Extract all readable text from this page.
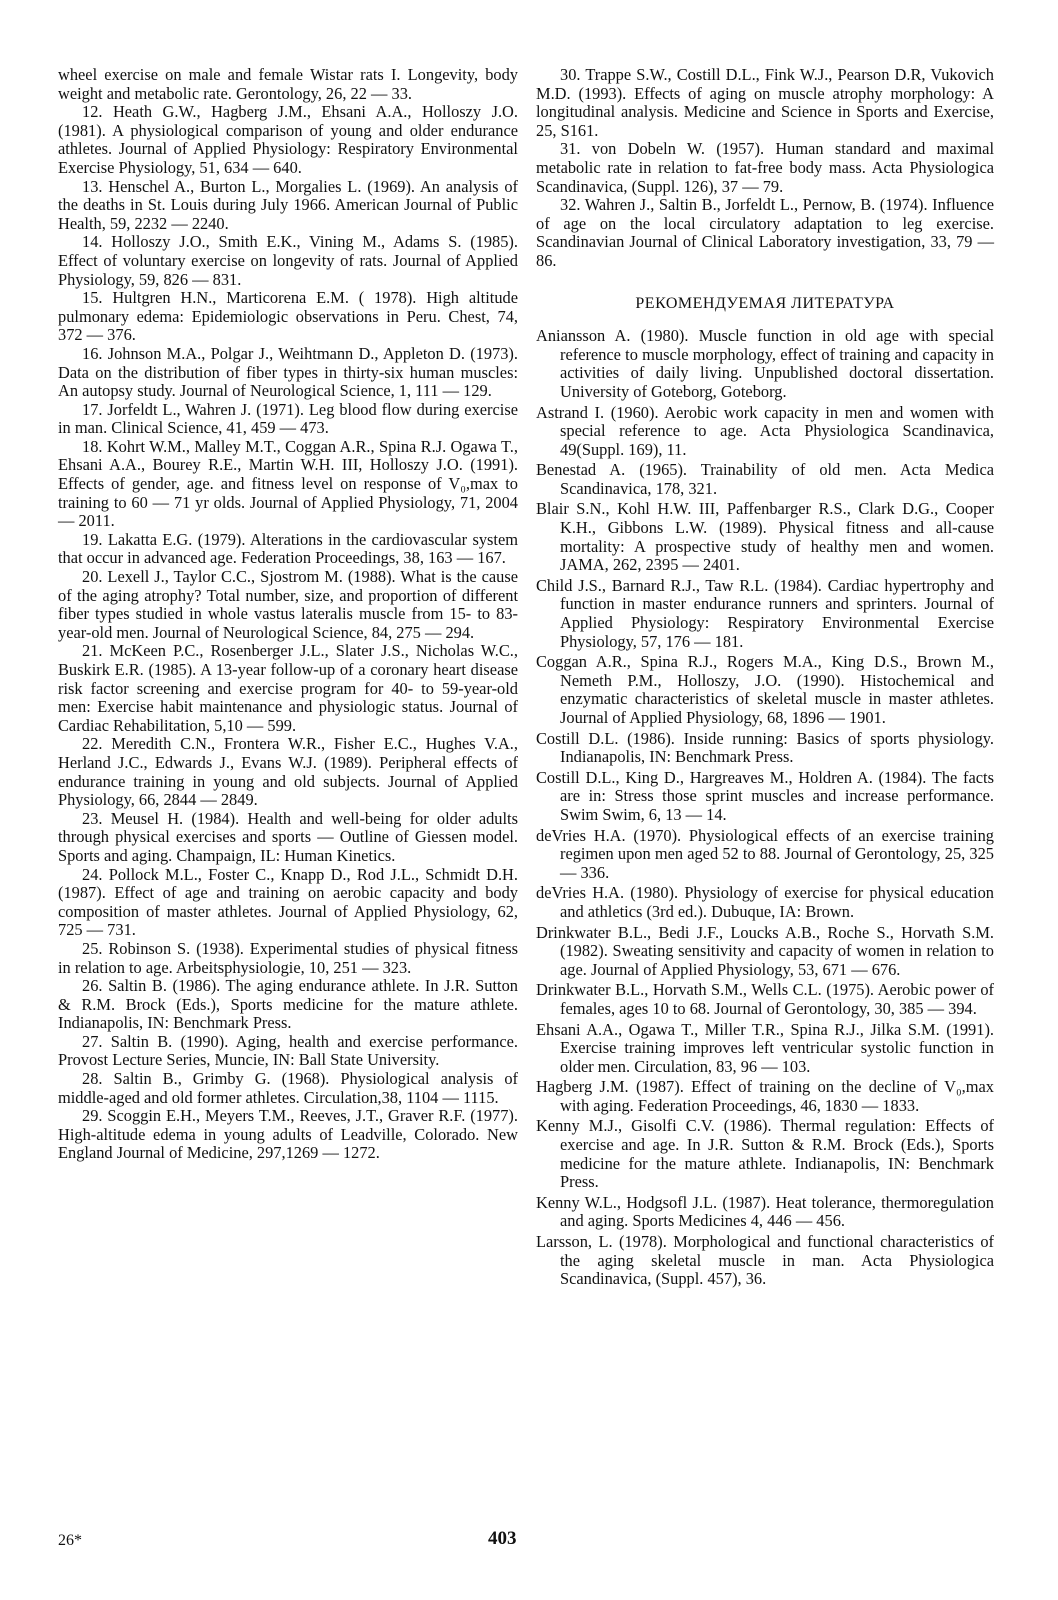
wheel exercise on male and female Wistar rats I. Longevity, body weight and metabolic rate. Gerontology, 26, 22 — 33.

12. Heath G.W., Hagberg J.M., Ehsani A.A., Holloszy J.O. (1981). A physiological comparison of young and older endurance athletes. Journal of Applied Physiology: Respiratory Environmental Exercise Physiology, 51, 634 — 640.

13. Henschel A., Burton L., Morgalies L. (1969). An analysis of the deaths in St. Louis during July 1966. American Journal of Public Health, 59, 2232 — 2240.

14. Holloszy J.O., Smith E.K., Vining M., Adams S. (1985). Effect of voluntary exercise on longevity of rats. Journal of Applied Physiology, 59, 826 — 831.

15. Hultgren H.N., Marticorena E.M. ( 1978). High altitude pulmonary edema: Epidemiologic observations in Peru. Chest, 74, 372 — 376.

16. Johnson M.A., Polgar J., Weihtmann D., Appleton D. (1973). Data on the distribution of fiber types in thirty-six human muscles: An autopsy study. Journal of Neurological Science, 1, 111 — 129.

17. Jorfeldt L., Wahren J. (1971). Leg blood flow during exercise in man. Clinical Science, 41, 459 — 473.

18. Kohrt W.M., Malley M.T., Coggan A.R., Spina R.J. Ogawa T., Ehsani A.A., Bourey R.E., Martin W.H. III, Holloszy J.O. (1991). Effects of gender, age. and fitness level on response of V₀,max to training to 60 — 71 yr olds. Journal of Applied Physiology, 71, 2004 — 2011.

19. Lakatta E.G. (1979). Alterations in the cardiovascular system that occur in advanced age. Federation Proceedings, 38, 163 — 167.

20. Lexell J., Taylor C.C., Sjostrom M. (1988). What is the cause of the aging atrophy? Total number, size, and proportion of different fiber types studied in whole vastus lateralis muscle from 15- to 83-year-old men. Journal of Neurological Science, 84, 275 — 294.

21. McKeen P.C., Rosenberger J.L., Slater J.S., Nicholas W.C., Buskirk E.R. (1985). A 13-year follow-up of a coronary heart disease risk factor screening and exercise program for 40- to 59-year-old men: Exercise habit maintenance and physiologic status. Journal of Cardiac Rehabilitation, 5,10 — 599.

22. Meredith C.N., Frontera W.R., Fisher E.C., Hughes V.A., Herland J.C., Edwards J., Evans W.J. (1989). Peripheral effects of endurance training in young and old subjects. Journal of Applied Physiology, 66, 2844 — 2849.

23. Meusel H. (1984). Health and well-being for older adults through physical exercises and sports — Outline of Giessen model. Sports and aging. Champaign, IL: Human Kinetics.

24. Pollock M.L., Foster C., Knapp D., Rod J.L., Schmidt D.H. (1987). Effect of age and training on aerobic capacity and body composition of master athletes. Journal of Applied Physiology, 62, 725 — 731.

25. Robinson S. (1938). Experimental studies of physical fitness in relation to age. Arbeitsphysiologie, 10, 251 — 323.

26. Saltin B. (1986). The aging endurance athlete. In J.R. Sutton & R.M. Brock (Eds.), Sports medicine for the mature athlete. Indianapolis, IN: Benchmark Press.

27. Saltin B. (1990). Aging, health and exercise performance. Provost Lecture Series, Muncie, IN: Ball State University.

28. Saltin B., Grimby G. (1968). Physiological analysis of middle-aged and old former athletes. Circulation,38, 1104 — 1115.

29. Scoggin E.H., Meyers T.M., Reeves, J.T., Graver R.F. (1977). High-altitude edema in young adults of Leadville, Colorado. New England Journal of Medicine, 297,1269 — 1272.

30. Trappe S.W., Costill D.L., Fink W.J., Pearson D.R, Vukovich M.D. (1993). Effects of aging on muscle atrophy morphology: A longitudinal analysis. Medicine and Science in Sports and Exercise, 25, S161.

31. von Dobeln W. (1957). Human standard and maximal metabolic rate in relation to fat-free body mass. Acta Physiologica Scandinavica, (Suppl. 126), 37 — 79.

32. Wahren J., Saltin B., Jorfeldt L., Pernow, B. (1974). Influence of age on the local circulatory adaptation to leg exercise. Scandinavian Journal of Clinical Laboratory investigation, 33, 79 — 86.

РЕКОМЕНДУЕМАЯ ЛИТЕРАТУРА

Aniansson A. (1980). Muscle function in old age with special reference to muscle morphology, effect of training and capacity in activities of daily living. Unpublished doctoral dissertation. University of Goteborg, Goteborg.

Astrand I. (1960). Aerobic work capacity in men and women with special reference to age. Acta Physiologica Scandinavica, 49(Suppl. 169), 11.

Benestad A. (1965). Trainability of old men. Acta Medica Scandinavica, 178, 321.

Blair S.N., Kohl H.W. III, Paffenbarger R.S., Clark D.G., Cooper K.H., Gibbons L.W. (1989). Physical fitness and all-cause mortality: A prospective study of healthy men and women. JAMA, 262, 2395 — 2401.

Child J.S., Barnard R.J., Taw R.L. (1984). Cardiac hypertrophy and function in master endurance runners and sprinters. Journal of Applied Physiology: Respiratory Environmental Exercise Physiology, 57, 176 — 181.

Coggan A.R., Spina R.J., Rogers M.A., King D.S., Brown M., Nemeth P.M., Holloszy, J.O. (1990). Histochemical and enzymatic characteristics of skeletal muscle in master athletes. Journal of Applied Physiology, 68, 1896 — 1901.

Costill D.L. (1986). Inside running: Basics of sports physiology. Indianapolis, IN: Benchmark Press.

Costill D.L., King D., Hargreaves M., Holdren A. (1984). The facts are in: Stress those sprint muscles and increase performance. Swim Swim, 6, 13 — 14.

deVries H.A. (1970). Physiological effects of an exercise training regimen upon men aged 52 to 88. Journal of Gerontology, 25, 325 — 336.

deVries H.A. (1980). Physiology of exercise for physical education and athletics (3rd ed.). Dubuque, IA: Brown.

Drinkwater B.L., Bedi J.F., Loucks A.B., Roche S., Horvath S.M. (1982). Sweating sensitivity and capacity of women in relation to age. Journal of Applied Physiology, 53, 671 — 676.

Drinkwater B.L., Horvath S.M., Wells C.L. (1975). Aerobic power of females, ages 10 to 68. Journal of Gerontology, 30, 385 — 394.

Ehsani A.A., Ogawa T., Miller T.R., Spina R.J., Jilka S.M. (1991). Exercise training improves left ventricular systolic function in older men. Circulation, 83, 96 — 103.

Hagberg J.M. (1987). Effect of training on the decline of V₀,max with aging. Federation Proceedings, 46, 1830 — 1833.

Kenny M.J., Gisolfi C.V. (1986). Thermal regulation: Effects of exercise and age. In J.R. Sutton & R.M. Brock (Eds.), Sports medicine for the mature athlete. Indianapolis, IN: Benchmark Press.

Kenny W.L., Hodgsofl J.L. (1987). Heat tolerance, thermoregulation and aging. Sports Medicines 4, 446 — 456.

Larsson, L. (1978). Morphological and functional characteristics of the aging skeletal muscle in man. Acta Physiologica Scandinavica, (Suppl. 457), 36.

26*	403
